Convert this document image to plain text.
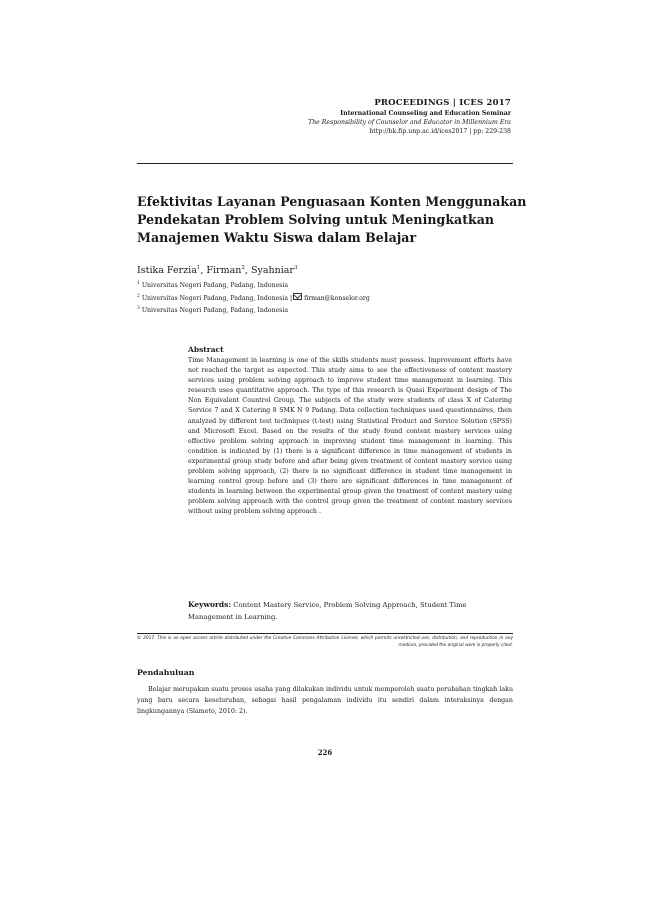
PROCEEDINGS | ICES 2017
International Counseling and Education Seminar
The Responsibility of Counselor and Educator in Millennium Era
http://bk.fip.unp.ac.id/ices2017 | pp: 229-238
Efektivitas Layanan Penguasaan Konten Menggunakan
Pendekatan Problem Solving untuk Meningkatkan
Manajemen Waktu Siswa dalam Belajar
Istika Ferzia$^1$, Firman$^2$, Syahniar$^3$
$^1$ Universitas Negeri Padang, Padang, Indonesia
$^2$ Universitas Negeri Padang, Padang, Indonesia | firman@konselor.org
$^3$ Universitas Negeri Padang, Padang, Indonesia
Abstract
Time Management in learning is one of the skills students must possess. Improvement efforts have not reached the target as expected. This study aims to see the effectiveness of content mastery services using problem solving approach to improve student time management in learning. This research uses quantitative approach. The type of this research is Quasi Experiment design of The Non Equivalent Countrol Group. The subjects of the study were students of class X of Catering Service 7 and X Catering 8 SMK N 9 Padang. Data collection techniques used questionnaires, then analyzed by different test techniques (t-test) using Statistical Product and Service Solution (SPSS) and Microsoft Excel. Based on the results of the study found content mastery services using effective problem solving approach in improving student time management in learning. This condition is indicated by (1) there is a significant difference in time management of students in experimental group study before and after being given treatment of content mastery service using problem solving approach, (2) there is no significant difference in student time management in learning control group before and (3) there are significant differences in time management of students in learning between the experimental group given the treatment of content mastery using problem solving approach with the control group given the treatment of content mastery services without using problem solving approach .
Keywords: Content Mastery Service, Problem Solving Approach, Student Time Management in Learning.
© 2017. This is an open access article distributed under the Creative Commons Attribution License, which permits unrestricted use, distribution, and reproduction in any medium, provided the original work is properly cited.
Pendahuluan
Belajar merupakan suatu proses usaha yang dilakukan individu untuk memperoleh suatu perubahan tingkah laku yang baru secara keseluruhan, sebagai hasil pengalaman individu itu sendiri dalam interaksinya dengan lingkungannya (Slameto, 2010: 2).
226
